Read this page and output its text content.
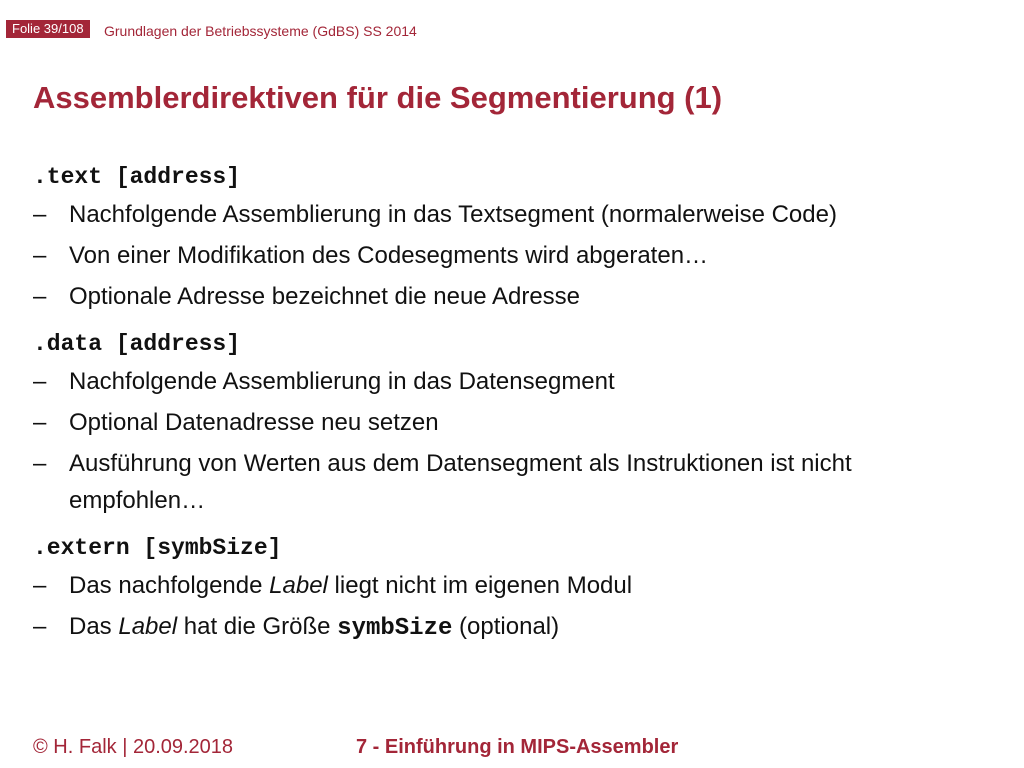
Folie 39/108	Grundlagen der Betriebssysteme (GdBS) SS 2014
Assemblerdirektiven für die Segmentierung (1)
.text [address]
– Nachfolgende Assemblierung in das Textsegment (normalerweise Code)
– Von einer Modifikation des Codesegments wird abgeraten…
– Optionale Adresse bezeichnet die neue Adresse
.data [address]
– Nachfolgende Assemblierung in das Datensegment
– Optional Datenadresse neu setzen
– Ausführung von Werten aus dem Datensegment als Instruktionen ist nicht empfohlen…
.extern [symbSize]
– Das nachfolgende Label liegt nicht im eigenen Modul
– Das Label hat die Größe symbSize (optional)
© H. Falk | 20.09.2018	7 - Einführung in MIPS-Assembler
